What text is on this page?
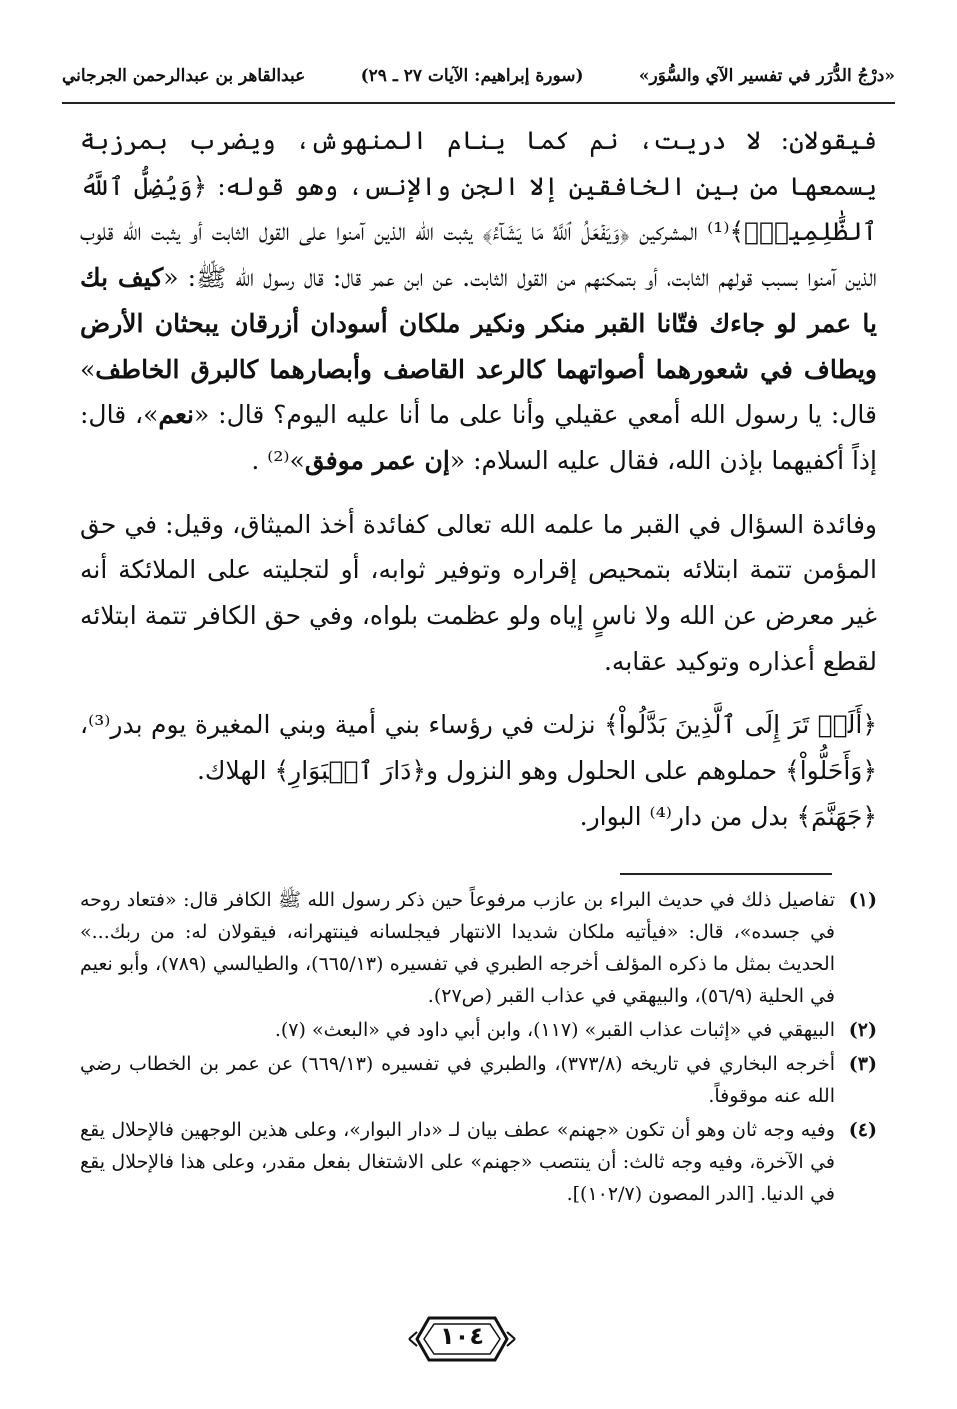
«درْجُ الدُّرَر في تفسير الآي والسُّوَر»
(سورة إبراهيم: الآيات ٢٧ ـ ٢٩)
عبدالقاهر بن عبدالرحمن الجرجاني

فيقولان: لا دريت، نم كما ينام المنهوش، ويضرب بمرزبة يسمعها من بين الخافقين إلا الجن والإنس، وهو قوله: ﴿وَيُضِلُّ ٱللَّهُ ٱلظَّٰلِمِينَۚ﴾⁽¹⁾ المشركين ﴿وَيَفۡعَلُ ٱللَّهُ مَا يَشَآءُ﴾ يثبت الله الذين آمنوا على القول الثابت أو يثبت الله قلوب الذين آمنوا بسبب قولهم الثابت، أو بتمكنهم من القول الثابت. عن ابن عمر قال: قال رسول الله ﷺ: «كيف بك يا عمر لو جاءك فتّانا القبر منكر ونكير ملكان أسودان أزرقان يبحثان الأرض ويطاف في شعورهما أصواتهما كالرعد القاصف وأبصارهما كالبرق الخاطف» قال: يا رسول الله أمعي عقيلي وأنا على ما أنا عليه اليوم؟ قال: «نعم»، قال: إذاً أكفيهما بإذن الله، فقال عليه السلام: «إن عمر موفق»⁽²⁾ .

وفائدة السؤال في القبر ما علمه الله تعالى كفائدة أخذ الميثاق، وقيل: في حق المؤمن تتمة ابتلائه بتمحيص إقراره وتوفير ثوابه، أو لتجليته على الملائكة أنه غير معرض عن الله ولا ناسٍ إياه ولو عظمت بلواه، وفي حق الكافر تتمة ابتلائه لقطع أعذاره وتوكيد عقابه.

﴿أَلَمۡ تَرَ إِلَى ٱلَّذِينَ بَدَّلُواْ﴾ نزلت في رؤساء بني أمية وبني المغيرة يوم بدر⁽³⁾، ﴿وَأَحَلُّواْ﴾ حملوهم على الحلول وهو النزول و﴿دَارَ ٱلۡبَوَارِ﴾ الهلاك.

﴿جَهَنَّمَ﴾ بدل من دار⁽⁴⁾ البوار.

(١)
تفاصيل ذلك في حديث البراء بن عازب مرفوعاً حين ذكر رسول الله ﷺ الكافر قال: «فتعاد روحه في جسده»، قال: «فيأتيه ملكان شديدا الانتهار فيجلسانه فينتهرانه، فيقولان له: من ربك...» الحديث بمثل ما ذكره المؤلف أخرجه الطبري في تفسيره (٦٦٥/١٣)، والطيالسي (٧٨٩)، وأبو نعيم في الحلية (٥٦/٩)، والبيهقي في عذاب القبر (ص٢٧).
(٢)
البيهقي في «إثبات عذاب القبر» (١١٧)، وابن أبي داود في «البعث» (٧).
(٣)
أخرجه البخاري في تاريخه (٣٧٣/٨)، والطبري في تفسيره (٦٦٩/١٣) عن عمر بن الخطاب رضي الله عنه موقوفاً.
(٤)
وفيه وجه ثان وهو أن تكون «جهنم» عطف بيان لـ «دار البوار»، وعلى هذين الوجهين فالإحلال يقع في الآخرة، وفيه وجه ثالث: أن ينتصب «جهنم» على الاشتغال بفعل مقدر، وعلى هذا فالإحلال يقع في الدنيا. [الدر المصون (١٠٢/٧)].
١٠٤
